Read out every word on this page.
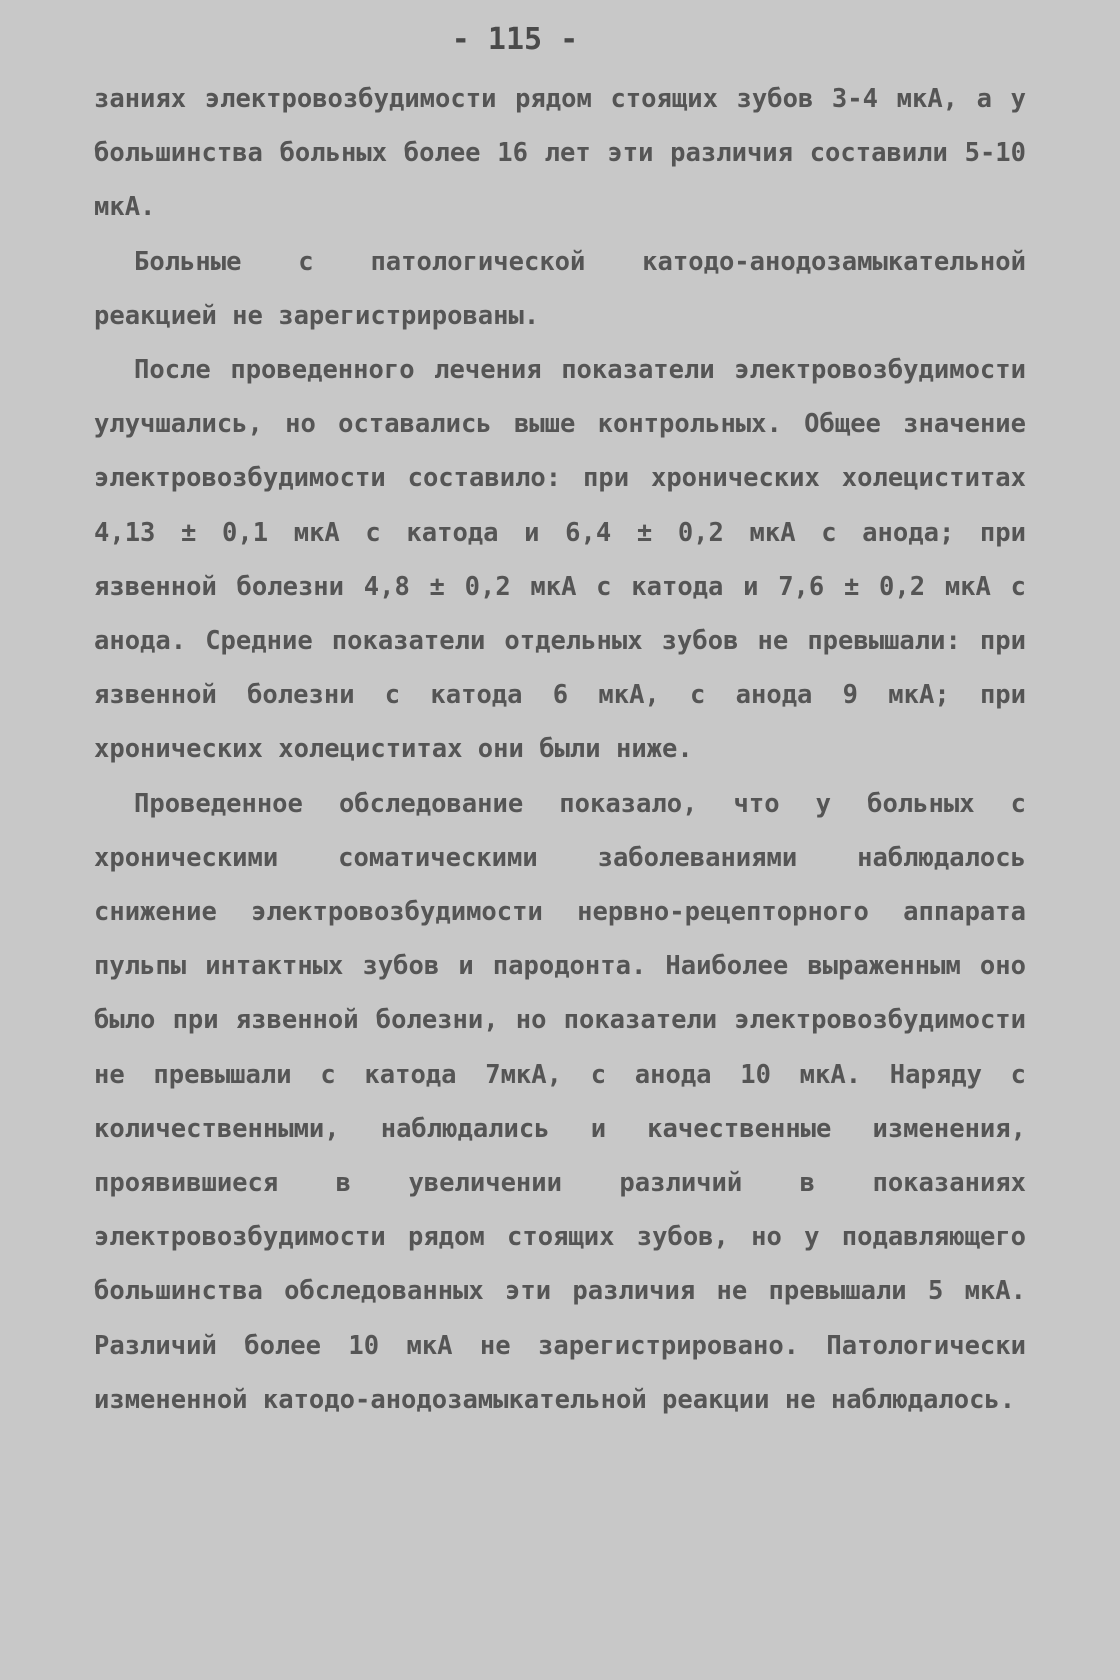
- 115 -

заниях электровозбудимости рядом стоящих зубов 3-4 мкА, а у большинства больных более 16 лет эти различия составили 5-10 мкА.

Больные с патологической катодо-анодозамыкательной реакцией не зарегистрированы.

После проведенного лечения показатели электровозбудимости улучшались, но оставались выше контрольных. Общее значение электровозбудимости составило: при хронических холециститах 4,13 ± 0,1 мкА с катода и 6,4 ± 0,2 мкА с анода; при язвенной болезни 4,8 ± 0,2 мкА с катода и 7,6 ± 0,2 мкА с анода. Средние показатели отдельных зубов не превышали: при язвенной болезни с катода 6 мкА, с анода 9 мкА; при хронических холециститах они были ниже.

Проведенное обследование показало, что у больных с хроническими соматическими заболеваниями наблюдалось снижение электровозбудимости нервно-рецепторного аппарата пульпы интактных зубов и пародонта. Наиболее выраженным оно было при язвенной болезни, но показатели электровозбудимости не превышали с катода 7мкА, с анода 10 мкА. Наряду с количественными, наблюдались и качественные изменения, проявившиеся в увеличении различий в показаниях электровозбудимости рядом стоящих зубов, но у подавляющего большинства обследованных эти различия не превышали 5 мкА. Различий более 10 мкА не зарегистрировано. Патологически измененной катодо-анодозамыкательной реакции не наблюдалось.
